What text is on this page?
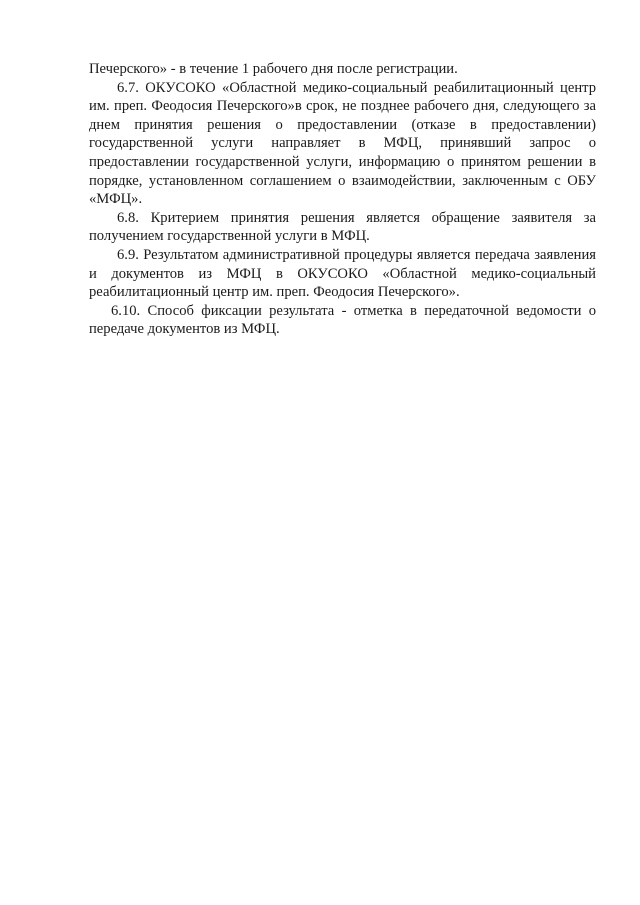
Печерского» - в течение 1 рабочего дня после регистрации.

6.7. ОКУСОКО «Областной медико-социальный реабилитационный центр им. преп. Феодосия Печерского»в срок, не позднее рабочего дня, следующего за днем принятия решения о предоставлении (отказе в предоставлении) государственной услуги направляет в МФЦ, принявший запрос о предоставлении государственной услуги, информацию о принятом решении в порядке, установленном соглашением о взаимодействии, заключенным с ОБУ «МФЦ».

6.8. Критерием принятия решения является обращение заявителя за получением государственной услуги в МФЦ.

6.9. Результатом административной процедуры является передача заявления и документов из МФЦ в ОКУСОКО «Областной медико-социальный реабилитационный центр им. преп. Феодосия Печерского».

6.10. Способ фиксации результата - отметка в передаточной ведомости о передаче документов из МФЦ.
